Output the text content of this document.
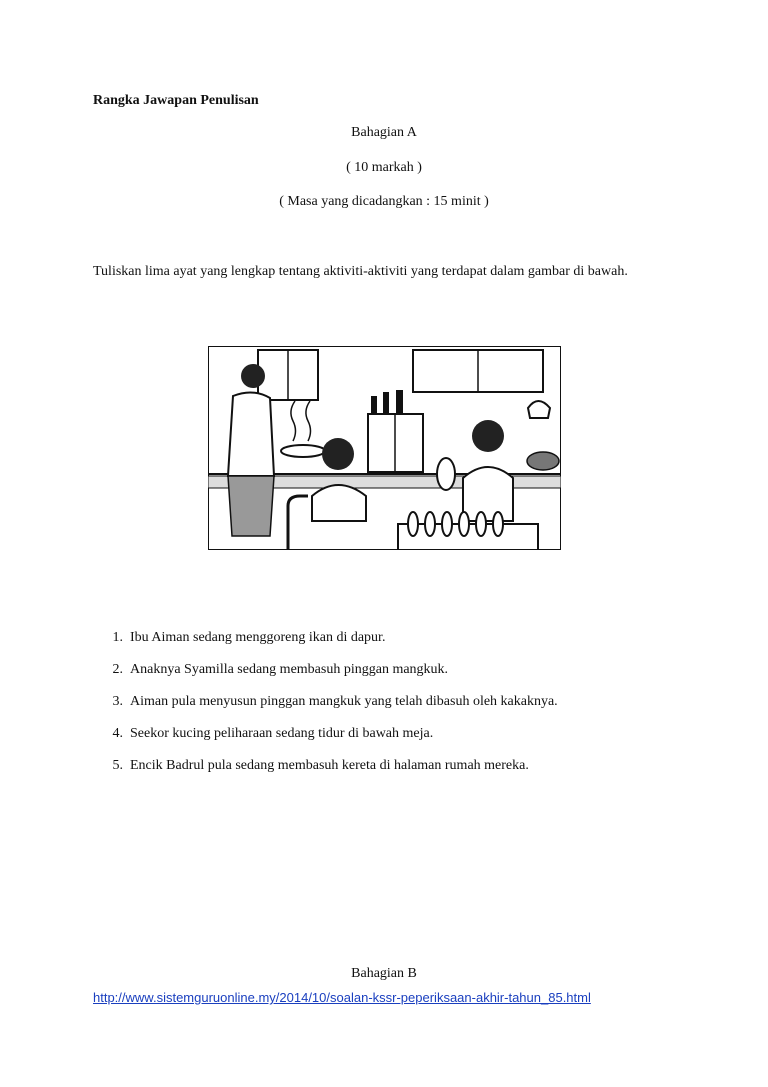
Rangka Jawapan Penulisan
Bahagian A
( 10 markah )
( Masa yang dicadangkan : 15 minit )
Tuliskan lima ayat yang lengkap tentang aktiviti-aktiviti yang terdapat dalam gambar di bawah.
1. Ibu Aiman sedang menggoreng ikan di dapur.
2. Anaknya Syamilla sedang membasuh pinggan mangkuk.
3. Aiman pula menyusun pinggan mangkuk yang telah dibasuh oleh kakaknya.
4. Seekor kucing peliharaan sedang tidur di bawah meja.
5. Encik Badrul pula sedang membasuh kereta di halaman rumah mereka.
Bahagian B
http://www.sistemguruonline.my/2014/10/soalan-kssr-peperiksaan-akhir-tahun_85.html
